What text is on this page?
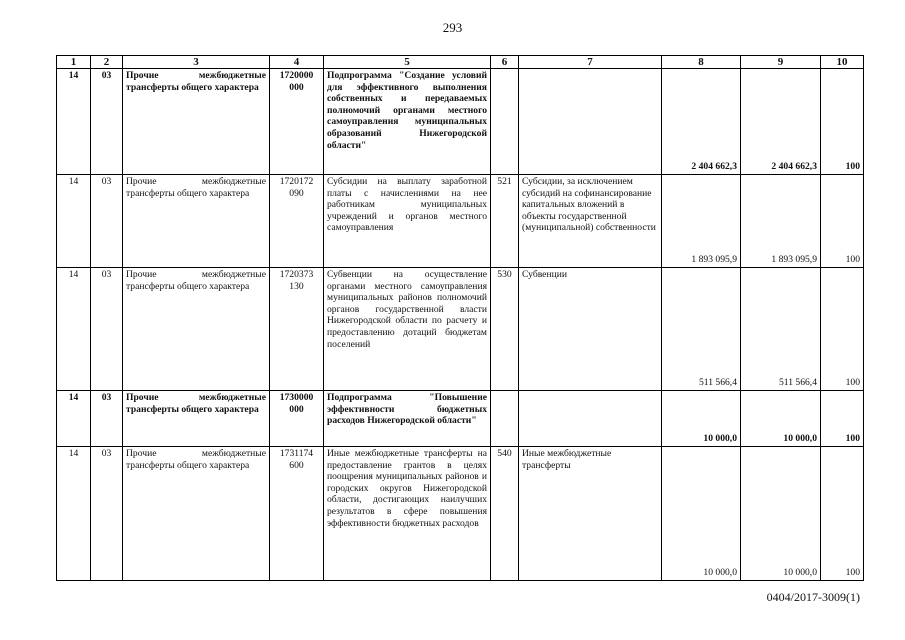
293
1	2	3	4	5	6	7	8	9	10
14	03	Прочие межбюджетные трансферты общего характера	1720000 000	Подпрограмма "Создание условий для эффективного выполнения собственных и передаваемых полномочий органами местного самоуправления муниципальных образований Нижегородской области"			2 404 662,3	2 404 662,3	100
14	03	Прочие межбюджетные трансферты общего характера	1720172 090	Субсидии на выплату заработной платы с начислениями на нее работникам муниципальных учреждений и органов местного самоуправления	521	Субсидии, за исключением субсидий на софинансирование капитальных вложений в объекты государственной (муниципальной) собственности	1 893 095,9	1 893 095,9	100
14	03	Прочие межбюджетные трансферты общего характера	1720373 130	Субвенции на осуществление органами местного самоуправления муниципальных районов полномочий органов государственной власти Нижегородской области по расчету и предоставлению дотаций бюджетам поселений	530	Субвенции	511 566,4	511 566,4	100
14	03	Прочие межбюджетные трансферты общего характера	1730000 000	Подпрограмма "Повышение эффективности бюджетных расходов Нижегородской области"			10 000,0	10 000,0	100
14	03	Прочие межбюджетные трансферты общего характера	1731174 600	Иные межбюджетные трансферты на предоставление грантов в целях поощрения муниципальных районов и городских округов Нижегородской области, достигающих наилучших результатов в сфере повышения эффективности бюджетных расходов	540	Иные межбюджетные трансферты	10 000,0	10 000,0	100
0404/2017-3009(1)
